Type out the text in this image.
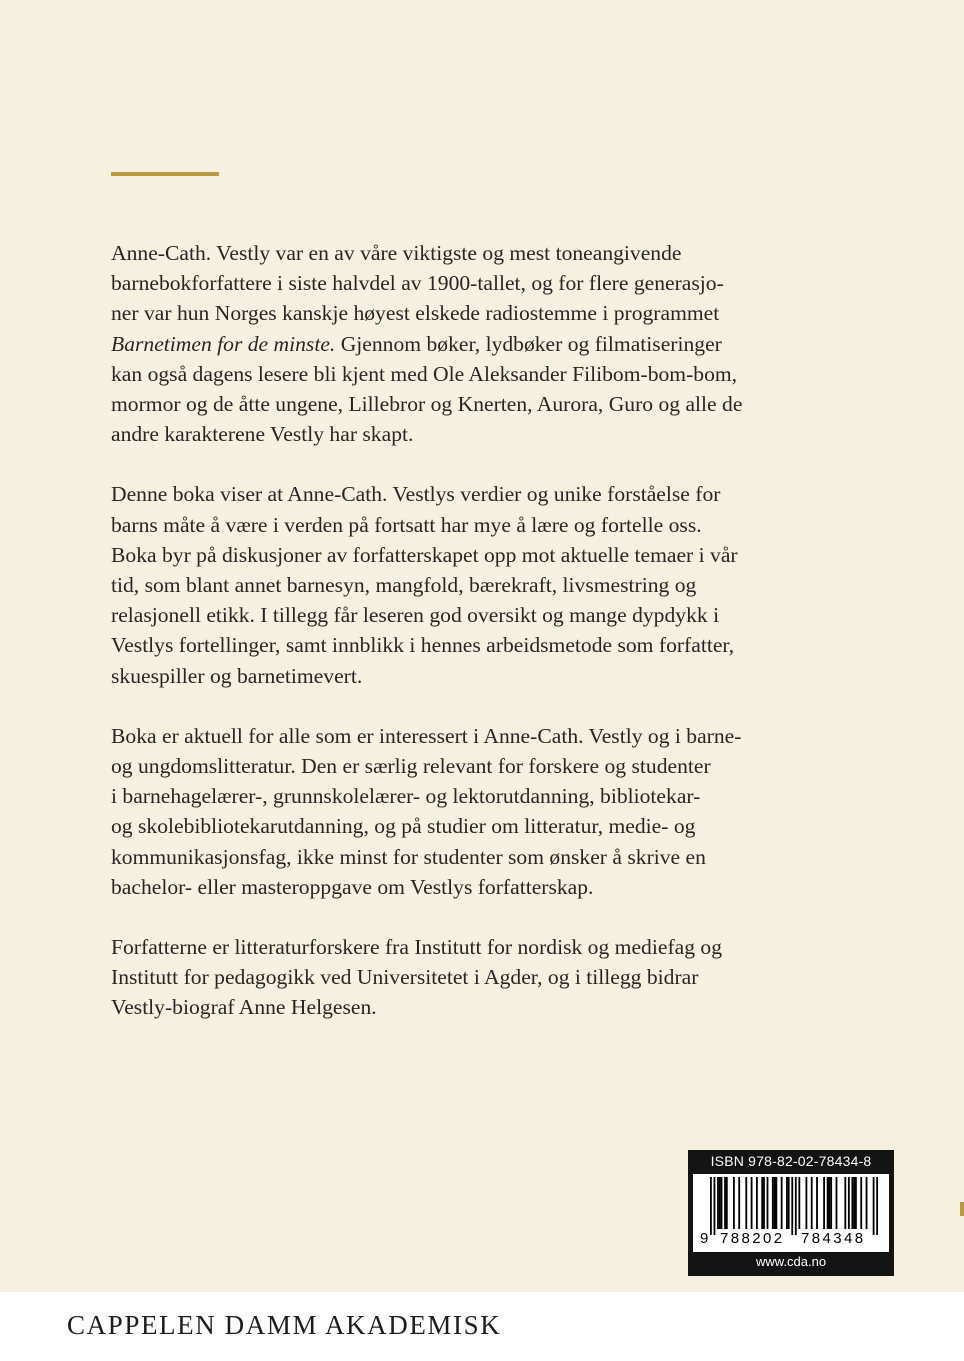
Anne-Cath. Vestly var en av våre viktigste og mest toneangivende
barnebokforfattere i siste halvdel av 1900-tallet, og for flere generasjo-
ner var hun Norges kanskje høyest elskede radiostemme i programmet
Barnetimen for de minste. Gjennom bøker, lydbøker og filmatiseringer
kan også dagens lesere bli kjent med Ole Aleksander Filibom-bom-bom,
mormor og de åtte ungene, Lillebror og Knerten, Aurora, Guro og alle de
andre karakterene Vestly har skapt.

Denne boka viser at Anne-Cath. Vestlys verdier og unike forståelse for
barns måte å være i verden på fortsatt har mye å lære og fortelle oss.
Boka byr på diskusjoner av forfatterskapet opp mot aktuelle temaer i vår
tid, som blant annet barnesyn, mangfold, bærekraft, livsmestring og
relasjonell etikk. I tillegg får leseren god oversikt og mange dypdykk i
Vestlys fortellinger, samt innblikk i hennes arbeidsmetode som forfatter,
skuespiller og barnetimevert.

Boka er aktuell for alle som er interessert i Anne-Cath. Vestly og i barne-
og ungdomslitteratur. Den er særlig relevant for forskere og studenter
i barnehagelærer-, grunnskolelærer- og lektorutdanning, bibliotekar-
og skolebibliotekarutdanning, og på studier om litteratur, medie- og
kommunikasjonsfag, ikke minst for studenter som ønsker å skrive en
bachelor- eller masteroppgave om Vestlys forfatterskap.

Forfatterne er litteraturforskere fra Institutt for nordisk og mediefag og
Institutt for pedagogikk ved Universitetet i Agder, og i tillegg bidrar
Vestly-biograf Anne Helgesen.

ISBN 978-82-02-78434-8
9 788202 784348
www.cda.no
CAPPELEN DAMM AKADEMISK
